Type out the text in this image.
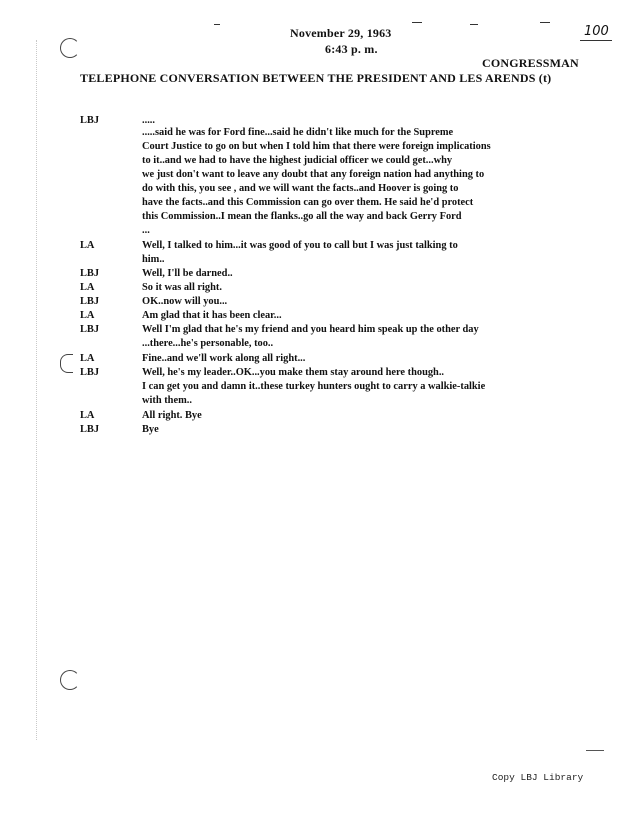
November 29, 1963
6:43 p. m.
100
CONGRESSMAN
TELEPHONE CONVERSATION BETWEEN THE PRESIDENT AND LES ARENDS (t)
LBJ	.....
.....said he was for Ford fine...said he didn't like much for the Supreme
Court Justice to go on but when I told him that there were foreign implications
to it..and we had to have the highest judicial officer we could get...why
we just don't want to leave any doubt that any foreign nation had anything to
do with this, you see , and we will want the facts..and Hoover is going to
have the facts..and this Commission can go over them. He said he'd protect
this Commission..I mean the flanks..go all the way and back Gerry Ford
...
LA	Well, I talked to him...it was good of you to call but I was just talking to
him..
LBJ	Well, I'll be darned..
LA	So it was all right.
LBJ	OK..now will you...
LA	Am glad that it has been clear...
LBJ	Well I'm glad that he's my friend and you heard him speak up the other day
...there...he's personable, too..
LA	Fine..and we'll work along all right...
LBJ	Well, he's my leader..OK...you make them stay around here though..
I can get you and damn it..these turkey hunters ought to carry a walkie-talkie
with them..
LA	All right. Bye
LBJ	Bye
Copy LBJ Library
